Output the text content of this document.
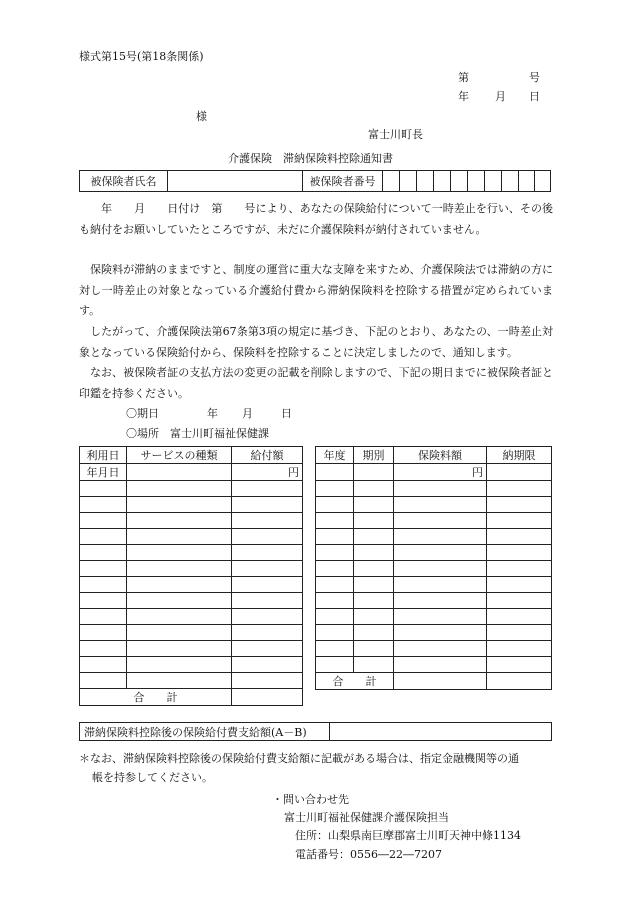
様式第15号(第18条関係)
第	号
年 月 日
様
富士川町長
介護保険　滞納保険料控除通知書
被保険者氏名		被保険者番号										
　　年　　月　　日付け　第　　号により、あなたの保険給付について一時差止を行い、その後も納付をお願いしていたところですが、未だに介護保険料が納付されていません。
保険料が滞納のままですと、制度の運営に重大な支障を来すため、介護保険法では滞納の方に対し一時差止の対象となっている介護給付費から滞納保険料を控除する措置が定められています。
したがって、介護保険法第67条第3項の規定に基づき、下記のとおり、あなたの、一時差止対象となっている保険給付から、保険料を控除することに決定しましたので、通知します。
なお、被保険者証の支払方法の変更の記載を削除しますので、下記の期日までに被保険者証と印鑑を持参ください。
〇期日	年 月	日
〇場所 富士川町福祉保健課
利用日	サービスの種類	給付額
年月日		円

合　　計		
年度	期別	保険料額	納期限
		円	

合　　計			
滞納保険料控除後の保険給付費支給額(A－B)	
＊なお、滞納保険料控除後の保険給付費支給額に記載がある場合は、指定金融機関等の通
帳を持参してください。
・問い合わせ先
富士川町福祉保健課介護保険担当
住所：山梨県南巨摩郡富士川町天神中條1134
電話番号：0556―22―7207
